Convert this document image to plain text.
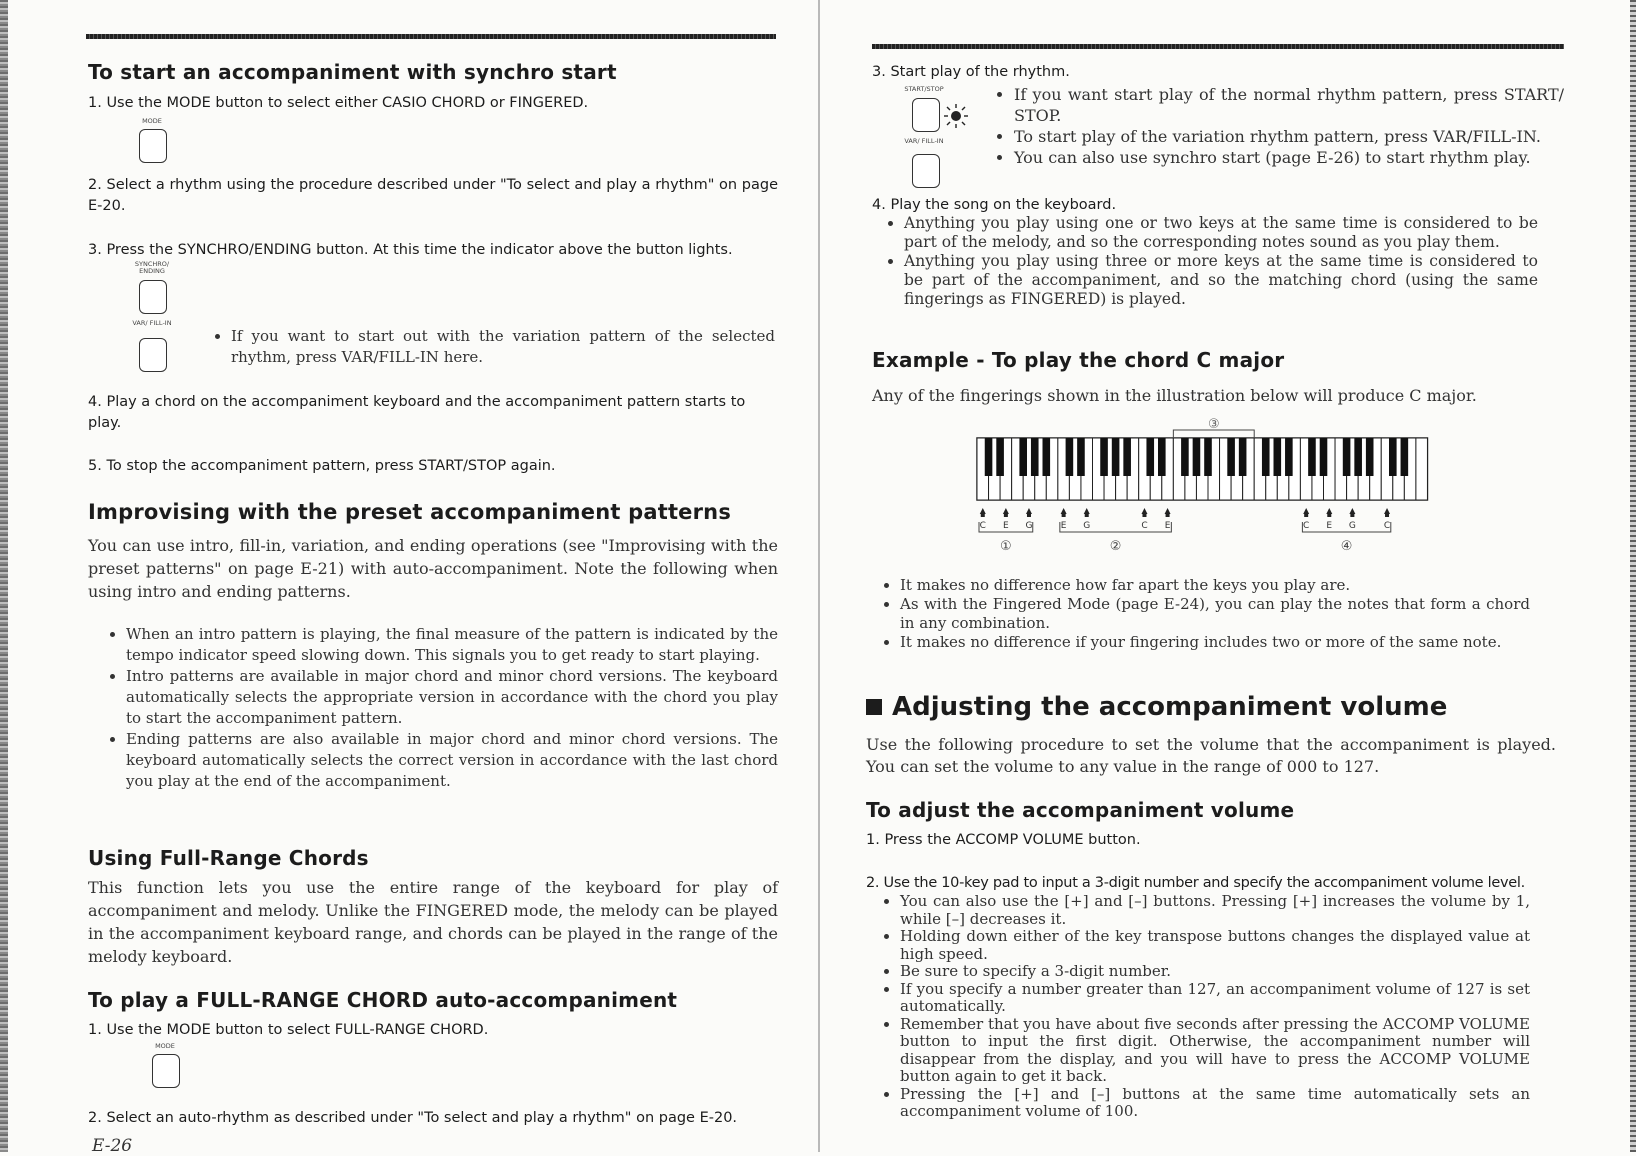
To start an accompaniment with synchro start
1. Use the MODE button to select either CASIO CHORD or FINGERED.
MODE
2. Select a rhythm using the procedure described under "To select and play a rhythm" on page E-20.
3. Press the SYNCHRO/ENDING button. At this time the indicator above the button lights.
SYNCHRO/ ENDING
VAR/ FILL-IN
• If you want to start out with the variation pattern of the selected rhythm, press VAR/FILL-IN here.
4. Play a chord on the accompaniment keyboard and the accompaniment pattern starts to play.
5. To stop the accompaniment pattern, press START/STOP again.
Improvising with the preset accompaniment patterns
You can use intro, fill-in, variation, and ending operations (see "Improvising with the preset patterns" on page E-21) with auto-accompaniment. Note the following when using intro and ending patterns.
• When an intro pattern is playing, the final measure of the pattern is indicated by the tempo indicator speed slowing down. This signals you to get ready to start playing.
• Intro patterns are available in major chord and minor chord versions. The keyboard automatically selects the appropriate version in accordance with the chord you play to start the accompaniment pattern.
• Ending patterns are also available in major chord and minor chord versions. The keyboard automatically selects the correct version in accordance with the last chord you play at the end of the accompaniment.
Using Full-Range Chords
This function lets you use the entire range of the keyboard for play of accompaniment and melody. Unlike the FINGERED mode, the melody can be played in the accompaniment keyboard range, and chords can be played in the range of the melody keyboard.
To play a FULL-RANGE CHORD auto-accompaniment
1. Use the MODE button to select FULL-RANGE CHORD.
MODE
2. Select an auto-rhythm as described under "To select and play a rhythm" on page E-20.
E-26
3. Start play of the rhythm.
START/STOP
VAR/ FILL-IN
• If you want start play of the normal rhythm pattern, press START/ STOP.
• To start play of the variation rhythm pattern, press VAR/FILL-IN.
• You can also use synchro start (page E-26) to start rhythm play.
4. Play the song on the keyboard.
• Anything you play using one or two keys at the same time is considered to be part of the melody, and so the corresponding notes sound as you play them.
• Anything you play using three or more keys at the same time is considered to be part of the accompaniment, and so the matching chord (using the same fingerings as FINGERED) is played.
Example - To play the chord C major
Any of the fingerings shown in the illustration below will produce C major.
C E G
①
E G	C E
②
C E G	C
④
③
• It makes no difference how far apart the keys you play are.
• As with the Fingered Mode (page E-24), you can play the notes that form a chord in any combination.
• It makes no difference if your fingering includes two or more of the same note.
Adjusting the accompaniment volume
Use the following procedure to set the volume that the accompaniment is played. You can set the volume to any value in the range of 000 to 127.
To adjust the accompaniment volume
1. Press the ACCOMP VOLUME button.
2. Use the 10-key pad to input a 3-digit number and specify the accompaniment volume level.
• You can also use the [+] and [–] buttons. Pressing [+] increases the volume by 1, while [–] decreases it.
• Holding down either of the key transpose buttons changes the displayed value at high speed.
• Be sure to specify a 3-digit number.
• If you specify a number greater than 127, an accompaniment volume of 127 is set automatically.
• Remember that you have about five seconds after pressing the ACCOMP VOLUME button to input the first digit. Otherwise, the accompaniment number will disappear from the display, and you will have to press the ACCOMP VOLUME button again to get it back.
• Pressing the [+] and [–] buttons at the same time automatically sets an accompaniment volume of 100.
